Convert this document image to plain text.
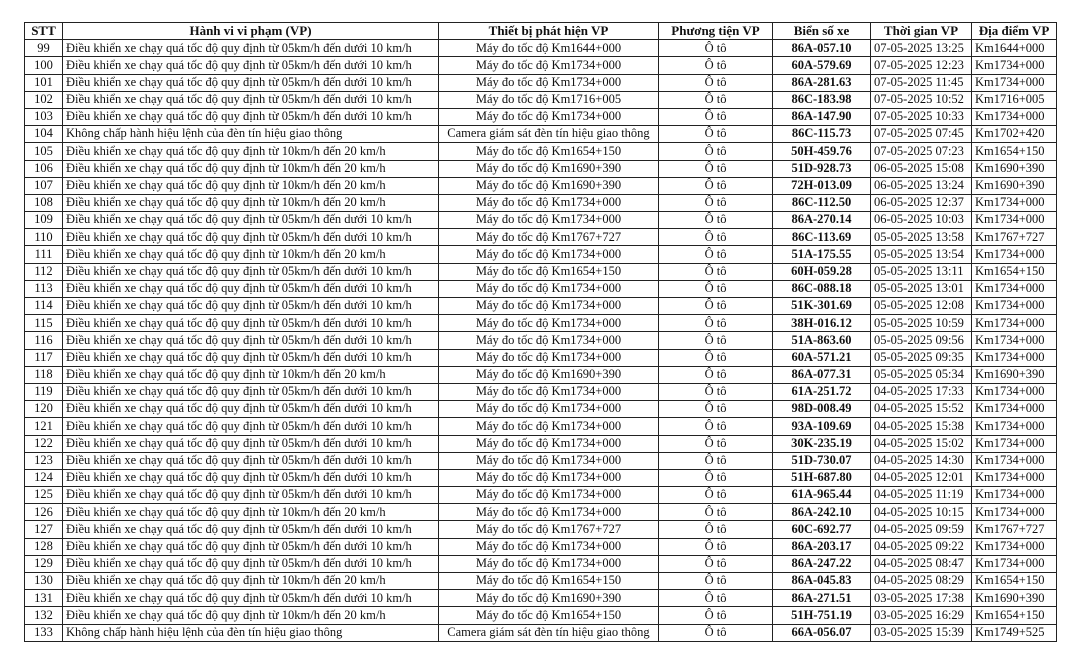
STT	Hành vi vi phạm (VP)	Thiết bị phát hiện VP	Phương tiện VP	Biển số xe	Thời gian VP	Địa điểm VP
99	Điều khiển xe chạy quá tốc độ quy định từ 05km/h đến dưới 10 km/h	Máy đo tốc độ Km1644+000	Ô tô	86A-057.10	07-05-2025 13:25	Km1644+000
100	Điều khiển xe chạy quá tốc độ quy định từ 05km/h đến dưới 10 km/h	Máy đo tốc độ Km1734+000	Ô tô	60A-579.69	07-05-2025 12:23	Km1734+000
101	Điều khiển xe chạy quá tốc độ quy định từ 05km/h đến dưới 10 km/h	Máy đo tốc độ Km1734+000	Ô tô	86A-281.63	07-05-2025 11:45	Km1734+000
102	Điều khiển xe chạy quá tốc độ quy định từ 05km/h đến dưới 10 km/h	Máy đo tốc độ Km1716+005	Ô tô	86C-183.98	07-05-2025 10:52	Km1716+005
103	Điều khiển xe chạy quá tốc độ quy định từ 05km/h đến dưới 10 km/h	Máy đo tốc độ Km1734+000	Ô tô	86A-147.90	07-05-2025 10:33	Km1734+000
104	Không chấp hành hiệu lệnh của đèn tín hiệu giao thông	Camera giám sát đèn tín hiệu giao thông	Ô tô	86C-115.73	07-05-2025 07:45	Km1702+420
105	Điều khiển xe chạy quá tốc độ quy định từ 10km/h đến 20 km/h	Máy đo tốc độ Km1654+150	Ô tô	50H-459.76	07-05-2025 07:23	Km1654+150
106	Điều khiển xe chạy quá tốc độ quy định từ 10km/h đến 20 km/h	Máy đo tốc độ Km1690+390	Ô tô	51D-928.73	06-05-2025 15:08	Km1690+390
107	Điều khiển xe chạy quá tốc độ quy định từ 10km/h đến 20 km/h	Máy đo tốc độ Km1690+390	Ô tô	72H-013.09	06-05-2025 13:24	Km1690+390
108	Điều khiển xe chạy quá tốc độ quy định từ 10km/h đến 20 km/h	Máy đo tốc độ Km1734+000	Ô tô	86C-112.50	06-05-2025 12:37	Km1734+000
109	Điều khiển xe chạy quá tốc độ quy định từ 05km/h đến dưới 10 km/h	Máy đo tốc độ Km1734+000	Ô tô	86A-270.14	06-05-2025 10:03	Km1734+000
110	Điều khiển xe chạy quá tốc độ quy định từ 05km/h đến dưới 10 km/h	Máy đo tốc độ Km1767+727	Ô tô	86C-113.69	05-05-2025 13:58	Km1767+727
111	Điều khiển xe chạy quá tốc độ quy định từ 10km/h đến 20 km/h	Máy đo tốc độ Km1734+000	Ô tô	51A-175.55	05-05-2025 13:54	Km1734+000
112	Điều khiển xe chạy quá tốc độ quy định từ 05km/h đến dưới 10 km/h	Máy đo tốc độ Km1654+150	Ô tô	60H-059.28	05-05-2025 13:11	Km1654+150
113	Điều khiển xe chạy quá tốc độ quy định từ 05km/h đến dưới 10 km/h	Máy đo tốc độ Km1734+000	Ô tô	86C-088.18	05-05-2025 13:01	Km1734+000
114	Điều khiển xe chạy quá tốc độ quy định từ 05km/h đến dưới 10 km/h	Máy đo tốc độ Km1734+000	Ô tô	51K-301.69	05-05-2025 12:08	Km1734+000
115	Điều khiển xe chạy quá tốc độ quy định từ 05km/h đến dưới 10 km/h	Máy đo tốc độ Km1734+000	Ô tô	38H-016.12	05-05-2025 10:59	Km1734+000
116	Điều khiển xe chạy quá tốc độ quy định từ 05km/h đến dưới 10 km/h	Máy đo tốc độ Km1734+000	Ô tô	51A-863.60	05-05-2025 09:56	Km1734+000
117	Điều khiển xe chạy quá tốc độ quy định từ 05km/h đến dưới 10 km/h	Máy đo tốc độ Km1734+000	Ô tô	60A-571.21	05-05-2025 09:35	Km1734+000
118	Điều khiển xe chạy quá tốc độ quy định từ 10km/h đến 20 km/h	Máy đo tốc độ Km1690+390	Ô tô	86A-077.31	05-05-2025 05:34	Km1690+390
119	Điều khiển xe chạy quá tốc độ quy định từ 05km/h đến dưới 10 km/h	Máy đo tốc độ Km1734+000	Ô tô	61A-251.72	04-05-2025 17:33	Km1734+000
120	Điều khiển xe chạy quá tốc độ quy định từ 05km/h đến dưới 10 km/h	Máy đo tốc độ Km1734+000	Ô tô	98D-008.49	04-05-2025 15:52	Km1734+000
121	Điều khiển xe chạy quá tốc độ quy định từ 05km/h đến dưới 10 km/h	Máy đo tốc độ Km1734+000	Ô tô	93A-109.69	04-05-2025 15:38	Km1734+000
122	Điều khiển xe chạy quá tốc độ quy định từ 05km/h đến dưới 10 km/h	Máy đo tốc độ Km1734+000	Ô tô	30K-235.19	04-05-2025 15:02	Km1734+000
123	Điều khiển xe chạy quá tốc độ quy định từ 05km/h đến dưới 10 km/h	Máy đo tốc độ Km1734+000	Ô tô	51D-730.07	04-05-2025 14:30	Km1734+000
124	Điều khiển xe chạy quá tốc độ quy định từ 05km/h đến dưới 10 km/h	Máy đo tốc độ Km1734+000	Ô tô	51H-687.80	04-05-2025 12:01	Km1734+000
125	Điều khiển xe chạy quá tốc độ quy định từ 05km/h đến dưới 10 km/h	Máy đo tốc độ Km1734+000	Ô tô	61A-965.44	04-05-2025 11:19	Km1734+000
126	Điều khiển xe chạy quá tốc độ quy định từ 10km/h đến 20 km/h	Máy đo tốc độ Km1734+000	Ô tô	86A-242.10	04-05-2025 10:15	Km1734+000
127	Điều khiển xe chạy quá tốc độ quy định từ 05km/h đến dưới 10 km/h	Máy đo tốc độ Km1767+727	Ô tô	60C-692.77	04-05-2025 09:59	Km1767+727
128	Điều khiển xe chạy quá tốc độ quy định từ 05km/h đến dưới 10 km/h	Máy đo tốc độ Km1734+000	Ô tô	86A-203.17	04-05-2025 09:22	Km1734+000
129	Điều khiển xe chạy quá tốc độ quy định từ 05km/h đến dưới 10 km/h	Máy đo tốc độ Km1734+000	Ô tô	86A-247.22	04-05-2025 08:47	Km1734+000
130	Điều khiển xe chạy quá tốc độ quy định từ 10km/h đến 20 km/h	Máy đo tốc độ Km1654+150	Ô tô	86A-045.83	04-05-2025 08:29	Km1654+150
131	Điều khiển xe chạy quá tốc độ quy định từ 05km/h đến dưới 10 km/h	Máy đo tốc độ Km1690+390	Ô tô	86A-271.51	03-05-2025 17:38	Km1690+390
132	Điều khiển xe chạy quá tốc độ quy định từ 10km/h đến 20 km/h	Máy đo tốc độ Km1654+150	Ô tô	51H-751.19	03-05-2025 16:29	Km1654+150
133	Không chấp hành hiệu lệnh của đèn tín hiệu giao thông	Camera giám sát đèn tín hiệu giao thông	Ô tô	66A-056.07	03-05-2025 15:39	Km1749+525
